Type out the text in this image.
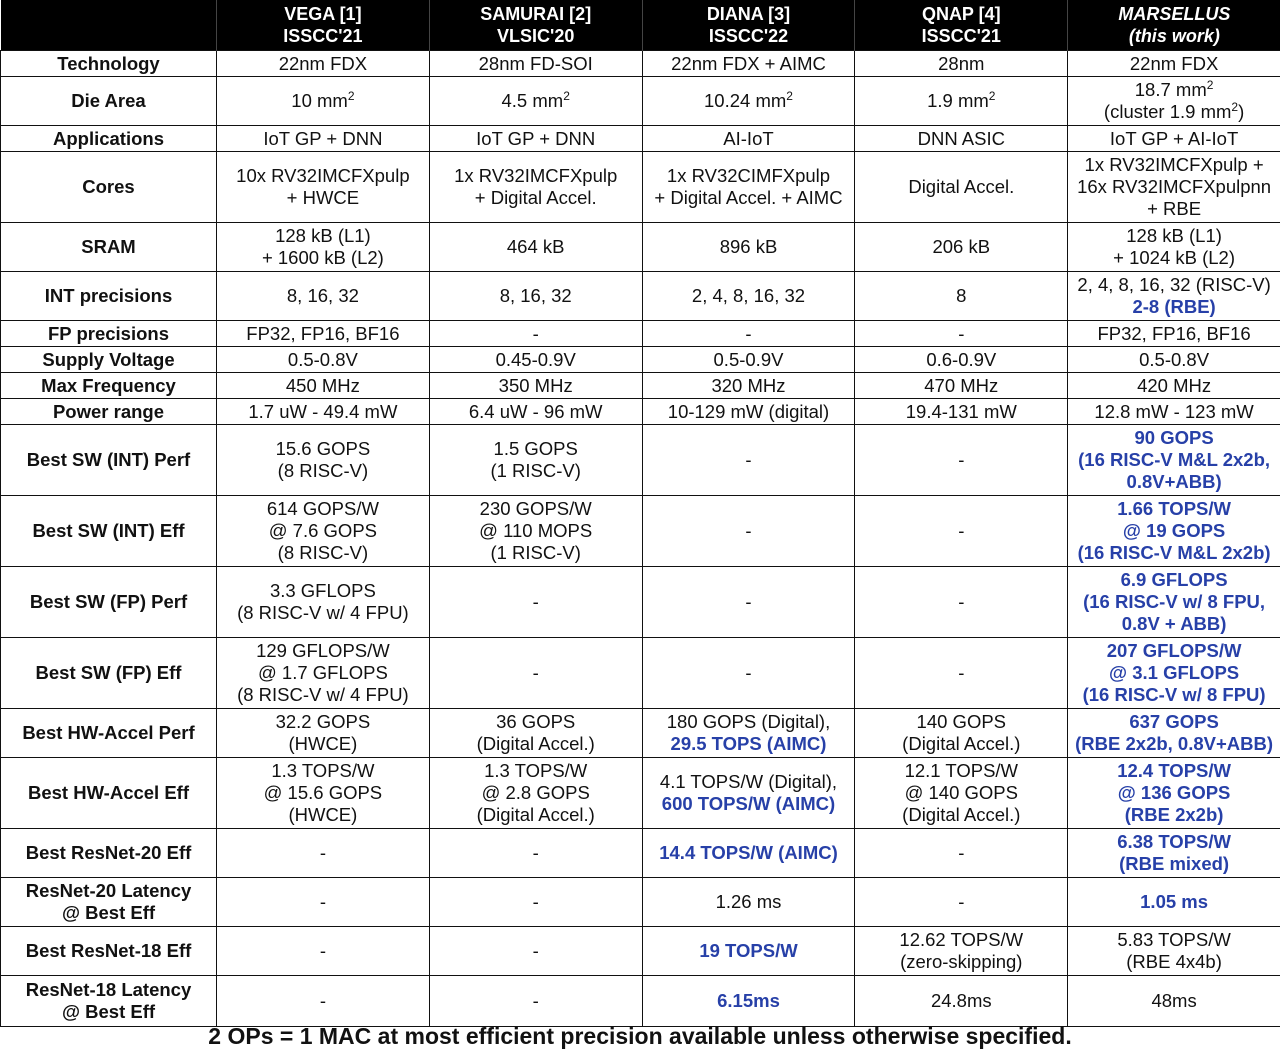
	VEGA [1]
ISSCC'21	SAMURAI [2]
VLSIC'20	DIANA [3]
ISSCC'22	QNAP [4]
ISSCC'21	MARSELLUS
(this work)

Technology	22nm FDX	28nm FD-SOI	22nm FDX + AIMC	28nm	22nm FDX
Die Area	10 $mm^2$	4.5 $mm^2$	10.24 $mm^2$	1.9 $mm^2$	18.7 $mm^2$
(cluster 1.9 $mm^2$)

Applications	IoT GP + DNN	IoT GP + DNN	AI-IoT	DNN ASIC	IoT GP + AI-IoT
Cores	10x RV32IMCFXpulp
+ HWCE	1x RV32IMCFXpulp
+ Digital Accel.	1x RV32CIMFXpulp
+ Digital Accel. + AIMC	Digital Accel.	1x RV32IMCFXpulp +
16x RV32IMCFXpulpnn
+ RBE

SRAM	128 kB (L1)
+ 1600 kB (L2)	464 kB	896 kB	206 kB	128 kB (L1)
+ 1024 kB (L2)

INT precisions	8, 16, 32	8, 16, 32	2, 4, 8, 16, 32	8	2, 4, 8, 16, 32 (RISC-V)
2-8 (RBE)

FP precisions	FP32, FP16, BF16	-	-	-	FP32, FP16, BF16
Supply Voltage	0.5-0.8V	0.45-0.9V	0.5-0.9V	0.6-0.9V	0.5-0.8V
Max Frequency	450 MHz	350 MHz	320 MHz	470 MHz	420 MHz
Power range	1.7 uW - 49.4 mW	6.4 uW - 96 mW	10-129 mW (digital)	19.4-131 mW	12.8 mW - 123 mW
Best SW (INT) Perf	15.6 GOPS
(8 RISC-V)	1.5 GOPS
(1 RISC-V)	-	-	90 GOPS
(16 RISC-V M&L 2x2b,
0.8V+ABB)

Best SW (INT) Eff	614 GOPS/W
@ 7.6 GOPS
(8 RISC-V)	230 GOPS/W
@ 110 MOPS
(1 RISC-V)	-	-	1.66 TOPS/W
@ 19 GOPS
(16 RISC-V M&L 2x2b)

Best SW (FP) Perf	3.3 GFLOPS
(8 RISC-V w/ 4 FPU)	-	-	-	6.9 GFLOPS
(16 RISC-V w/ 8 FPU,
0.8V + ABB)

Best SW (FP) Eff	129 GFLOPS/W
@ 1.7 GFLOPS
(8 RISC-V w/ 4 FPU)	-	-	-	207 GFLOPS/W
@ 3.1 GFLOPS
(16 RISC-V w/ 8 FPU)

Best HW-Accel Perf	32.2 GOPS
(HWCE)	36 GOPS
(Digital Accel.)	180 GOPS (Digital),
29.5 TOPS (AIMC)	140 GOPS
(Digital Accel.)	637 GOPS
(RBE 2x2b, 0.8V+ABB)

Best HW-Accel Eff	1.3 TOPS/W
@ 15.6 GOPS
(HWCE)	1.3 TOPS/W
@ 2.8 GOPS
(Digital Accel.)	4.1 TOPS/W (Digital),
600 TOPS/W (AIMC)	12.1 TOPS/W
@ 140 GOPS
(Digital Accel.)	12.4 TOPS/W
@ 136 GOPS
(RBE 2x2b)

Best ResNet-20 Eff	-	-	14.4 TOPS/W (AIMC)	-	6.38 TOPS/W
(RBE mixed)

ResNet-20 Latency
@ Best Eff	-	-	1.26 ms	-	1.05 ms
Best ResNet-18 Eff	-	-	19 TOPS/W	12.62 TOPS/W
(zero-skipping)	5.83 TOPS/W
(RBE 4x4b)

ResNet-18 Latency
@ Best Eff	-	-	6.15ms	24.8ms	48ms
2 OPs = 1 MAC at most efficient precision available unless otherwise specified.
